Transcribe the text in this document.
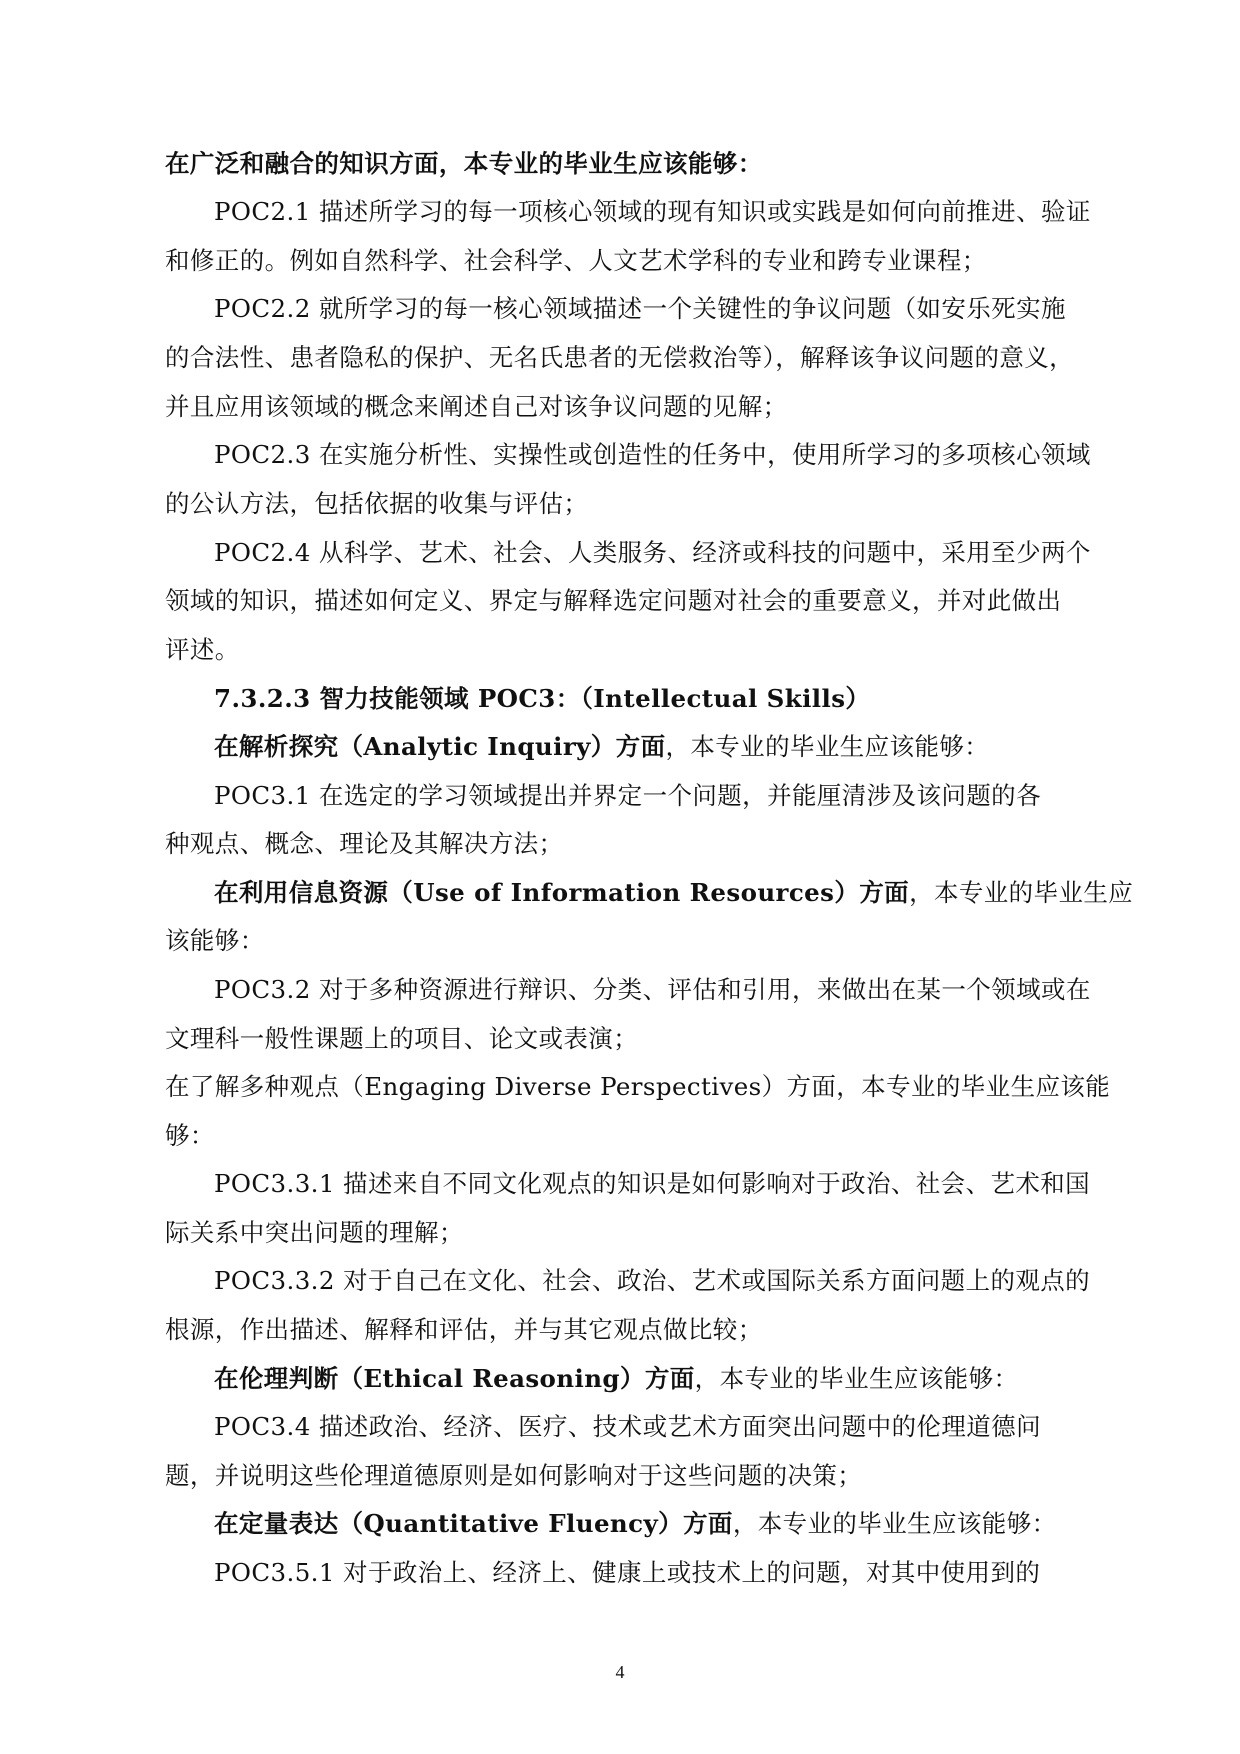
在广泛和融合的知识方面，本专业的毕业生应该能够：
POC2.1 描述所学习的每一项核心领域的现有知识或实践是如何向前推进、验证
和修正的。例如自然科学、社会科学、人文艺术学科的专业和跨专业课程；
POC2.2 就所学习的每一核心领域描述一个关键性的争议问题（如安乐死实施
的合法性、患者隐私的保护、无名氏患者的无偿救治等），解释该争议问题的意义，
并且应用该领域的概念来阐述自己对该争议问题的见解；
POC2.3 在实施分析性、实操性或创造性的任务中，使用所学习的多项核心领域
的公认方法，包括依据的收集与评估；
POC2.4 从科学、艺术、社会、人类服务、经济或科技的问题中，采用至少两个
领域的知识，描述如何定义、界定与解释选定问题对社会的重要意义，并对此做出
评述。
7.3.2.3 智力技能领域 POC3：（Intellectual Skills）
在解析探究（Analytic Inquiry）方面，本专业的毕业生应该能够：
POC3.1 在选定的学习领域提出并界定一个问题，并能厘清涉及该问题的各
种观点、概念、理论及其解决方法；
在利用信息资源（Use of Information Resources）方面，本专业的毕业生应
该能够：
POC3.2 对于多种资源进行辩识、分类、评估和引用，来做出在某一个领域或在
文理科一般性课题上的项目、论文或表演；
在了解多种观点（Engaging Diverse Perspectives）方面，本专业的毕业生应该能
够：
POC3.3.1 描述来自不同文化观点的知识是如何影响对于政治、社会、艺术和国
际关系中突出问题的理解；
POC3.3.2 对于自己在文化、社会、政治、艺术或国际关系方面问题上的观点的
根源，作出描述、解释和评估，并与其它观点做比较；
在伦理判断（Ethical Reasoning）方面，本专业的毕业生应该能够：
POC3.4 描述政治、经济、医疗、技术或艺术方面突出问题中的伦理道德问
题，并说明这些伦理道德原则是如何影响对于这些问题的决策；
在定量表达（Quantitative Fluency）方面，本专业的毕业生应该能够：
POC3.5.1 对于政治上、经济上、健康上或技术上的问题，对其中使用到的
4
